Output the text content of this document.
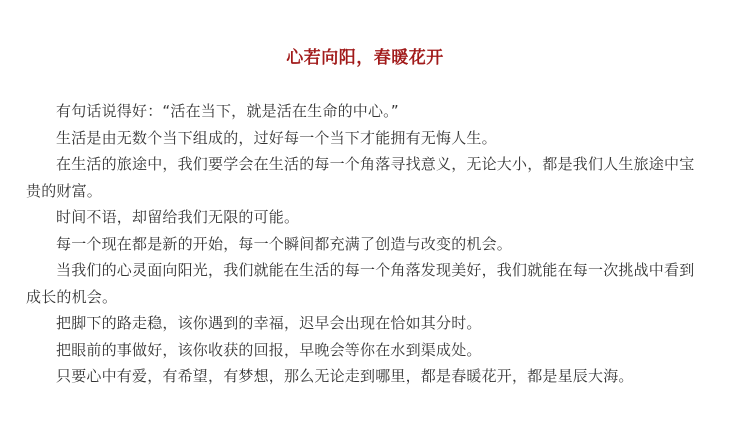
心若向阳，春暖花开

有句话说得好：“活在当下，就是活在生命的中心。”

生活是由无数个当下组成的，过好每一个当下才能拥有无悔人生。

在生活的旅途中，我们要学会在生活的每一个角落寻找意义，无论大小，都是我们人生旅途中宝贵的财富。

时间不语，却留给我们无限的可能。

每一个现在都是新的开始，每一个瞬间都充满了创造与改变的机会。

当我们的心灵面向阳光，我们就能在生活的每一个角落发现美好，我们就能在每一次挑战中看到成长的机会。

把脚下的路走稳，该你遇到的幸福，迟早会出现在恰如其分时。

把眼前的事做好，该你收获的回报，早晚会等你在水到渠成处。

只要心中有爱，有希望，有梦想，那么无论走到哪里，都是春暖花开，都是星辰大海。
